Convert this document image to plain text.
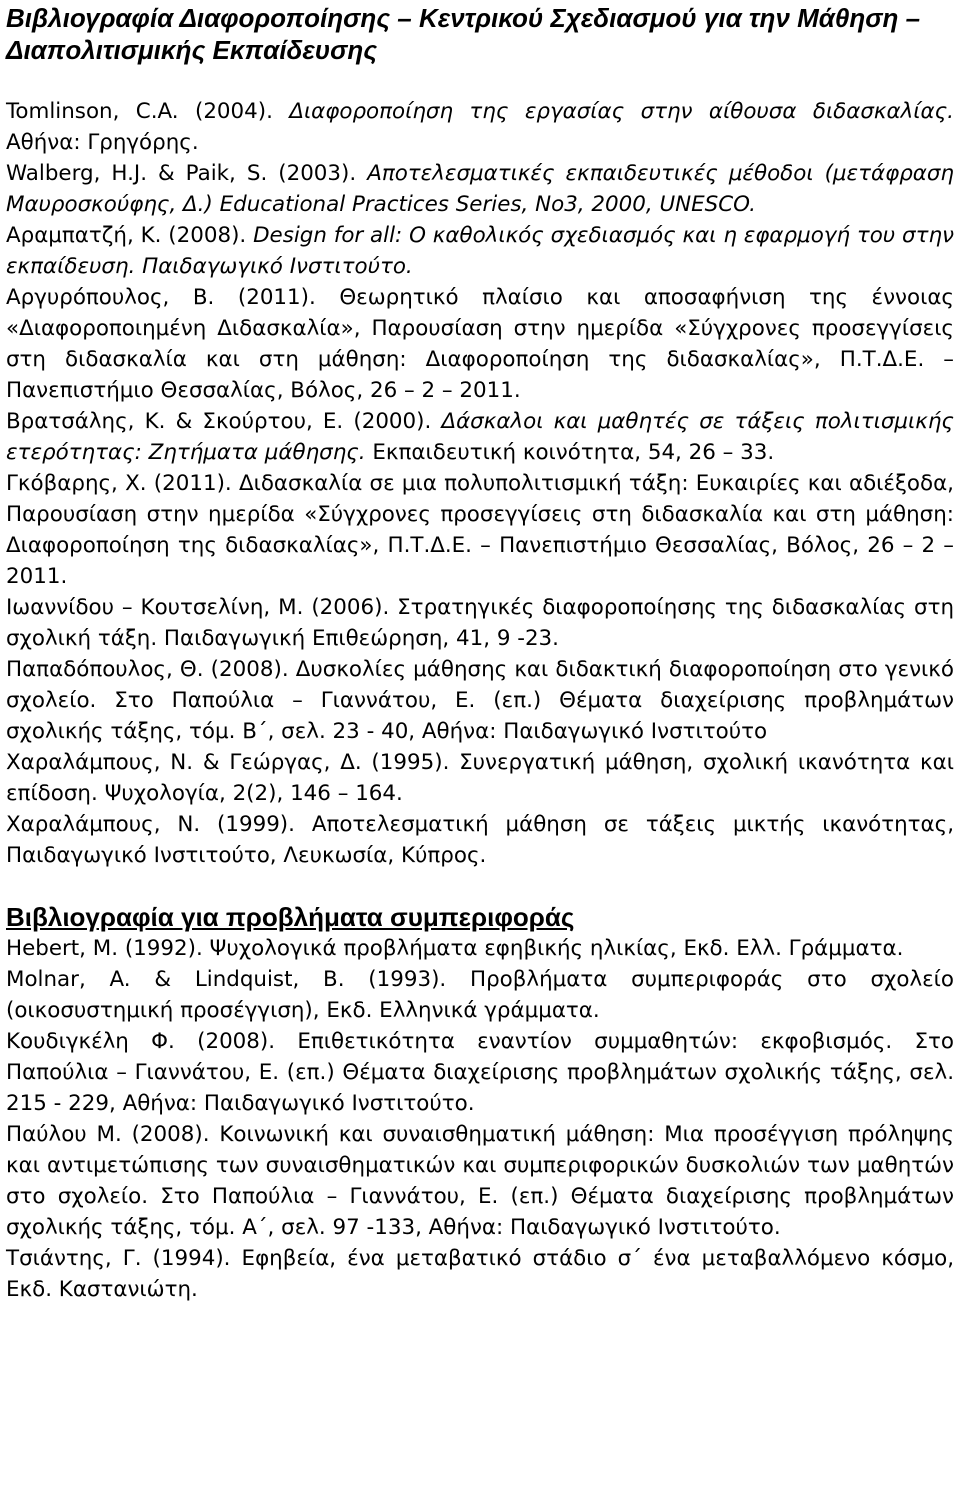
Βιβλιογραφία Διαφοροποίησης – Κεντρικού Σχεδιασμού για την Μάθηση – Διαπολιτισμικής Εκπαίδευσης

Tomlinson, C.A. (2004). Διαφοροποίηση της εργασίας στην αίθουσα διδασκαλίας. Αθήνα: Γρηγόρης.

Walberg, H.J. & Paik, S. (2003). Αποτελεσματικές εκπαιδευτικές μέθοδοι (μετάφραση Μαυροσκούφης, Δ.) Educational Practices Series, No3, 2000, UNESCO.

Αραμπατζή, Κ. (2008). Design for all: Ο καθολικός σχεδιασμός και η εφαρμογή του στην εκπαίδευση. Παιδαγωγικό Ινστιτούτο.

Αργυρόπουλος, Β. (2011). Θεωρητικό πλαίσιο και αποσαφήνιση της έννοιας «Διαφοροποιημένη Διδασκαλία», Παρουσίαση στην ημερίδα «Σύγχρονες προσεγγίσεις στη διδασκαλία και στη μάθηση: Διαφοροποίηση της διδασκαλίας», Π.Τ.Δ.Ε. – Πανεπιστήμιο Θεσσαλίας, Βόλος, 26 – 2 – 2011.

Βρατσάλης, Κ. & Σκούρτου, Ε. (2000). Δάσκαλοι και μαθητές σε τάξεις πολιτισμικής ετερότητας: Ζητήματα μάθησης. Εκπαιδευτική κοινότητα, 54, 26 – 33.

Γκόβαρης, Χ. (2011). Διδασκαλία σε μια πολυπολιτισμική τάξη: Ευκαιρίες και αδιέξοδα, Παρουσίαση στην ημερίδα «Σύγχρονες προσεγγίσεις στη διδασκαλία και στη μάθηση: Διαφοροποίηση της διδασκαλίας», Π.Τ.Δ.Ε. – Πανεπιστήμιο Θεσσαλίας, Βόλος, 26 – 2 – 2011.

Ιωαννίδου – Κουτσελίνη, Μ. (2006). Στρατηγικές διαφοροποίησης της διδασκαλίας στη σχολική τάξη. Παιδαγωγική Επιθεώρηση, 41, 9 -23.

Παπαδόπουλος, Θ. (2008). Δυσκολίες μάθησης και διδακτική διαφοροποίηση στο γενικό σχολείο. Στο Παπούλια – Γιαννάτου, Ε. (επ.) Θέματα διαχείρισης προβλημάτων σχολικής τάξης, τόμ. Β΄, σελ. 23 - 40, Αθήνα: Παιδαγωγικό Ινστιτούτο

Χαραλάμπους, Ν. & Γεώργας, Δ. (1995). Συνεργατική μάθηση, σχολική ικανότητα και επίδοση. Ψυχολογία, 2(2), 146 – 164.

Χαραλάμπους, Ν. (1999). Αποτελεσματική μάθηση σε τάξεις μικτής ικανότητας, Παιδαγωγικό Ινστιτούτο, Λευκωσία, Κύπρος.

Βιβλιογραφία για προβλήματα συμπεριφοράς

Hebert, M. (1992). Ψυχολογικά προβλήματα εφηβικής ηλικίας, Εκδ. Ελλ. Γράμματα.

Molnar, A. & Lindquist, B. (1993). Προβλήματα συμπεριφοράς στο σχολείο (οικοσυστημική προσέγγιση), Εκδ. Ελληνικά γράμματα.

Κουδιγκέλη Φ. (2008). Επιθετικότητα εναντίον συμμαθητών: εκφοβισμός. Στο Παπούλια – Γιαννάτου, Ε. (επ.) Θέματα διαχείρισης προβλημάτων σχολικής τάξης, σελ. 215 - 229, Αθήνα: Παιδαγωγικό Ινστιτούτο.

Παύλου Μ. (2008). Κοινωνική και συναισθηματική μάθηση: Μια προσέγγιση πρόληψης και αντιμετώπισης των συναισθηματικών και συμπεριφορικών δυσκολιών των μαθητών στο σχολείο. Στο Παπούλια – Γιαννάτου, Ε. (επ.) Θέματα διαχείρισης προβλημάτων σχολικής τάξης, τόμ. Α΄, σελ. 97 -133, Αθήνα: Παιδαγωγικό Ινστιτούτο.

Τσιάντης, Γ. (1994). Εφηβεία, ένα μεταβατικό στάδιο σ΄ ένα μεταβαλλόμενο κόσμο, Εκδ. Καστανιώτη.
